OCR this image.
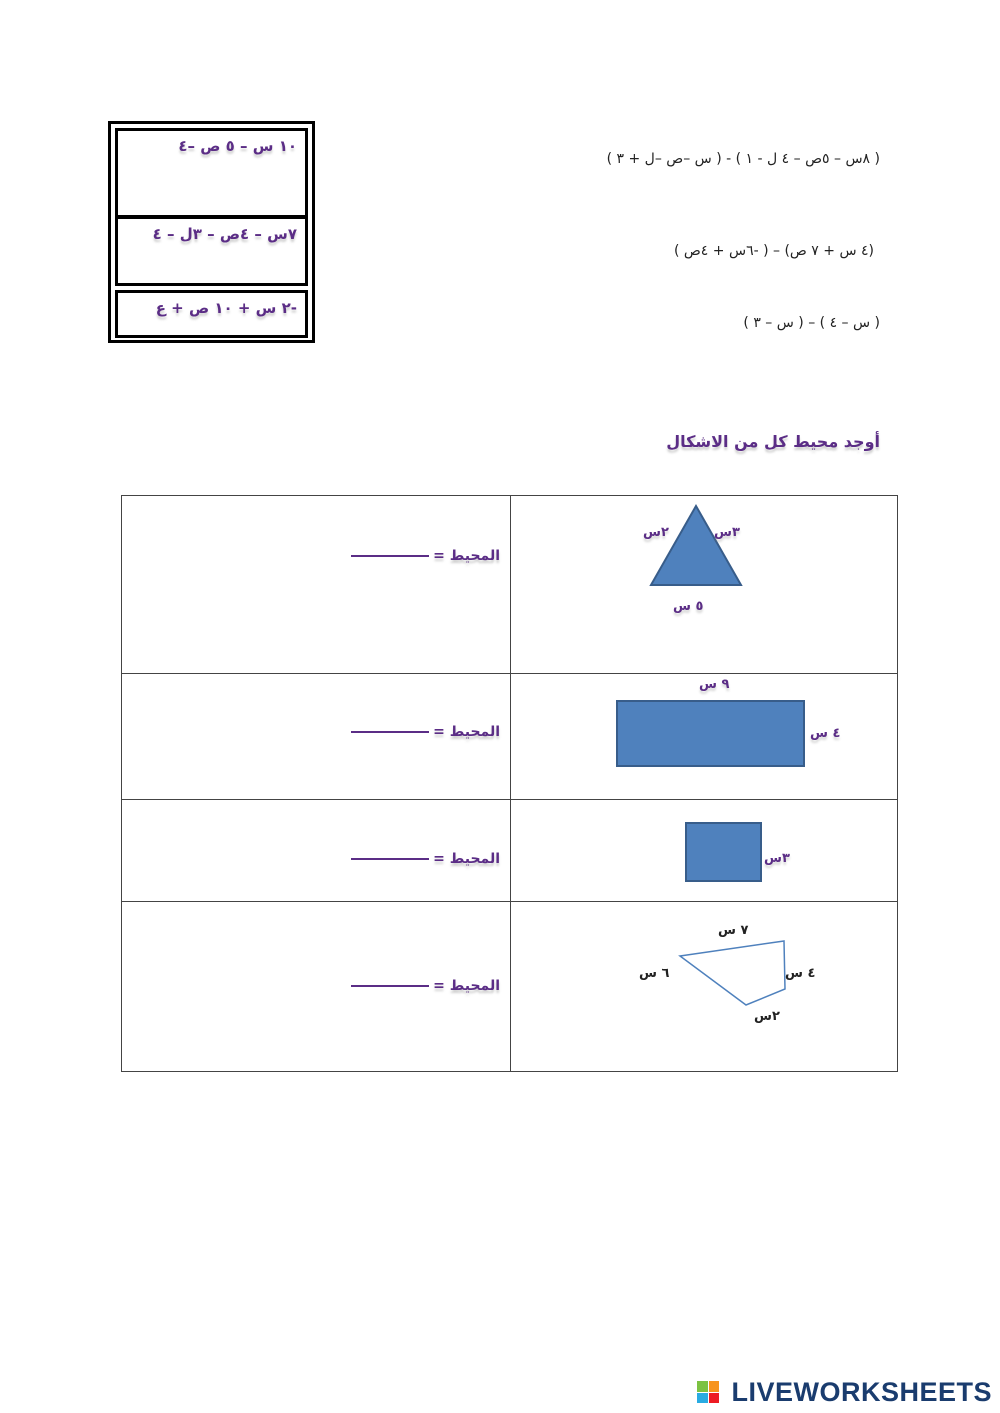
١٠ س – ٥ ص –٤
٧س – ٤ص – ٣ل – ٤
-٢ س + ١٠ ص + ع
( ٨س – ٥ص – ٤ ل - ١ ) - ( س –ص –ل + ٣ )
(٤ س + ٧ ص) – ( -٦س + ٤ص )
( س – ٤ ) – ( س – ٣ )
أوجد محيط كل من الاشكال
المحيط =
المحيط =
المحيط =
المحيط =
٢س	٣س
٥ س
٩ س
٤ س
٣س
٧ س
٦ س	٤ س
٢س
LIVEWORKSHEETS
